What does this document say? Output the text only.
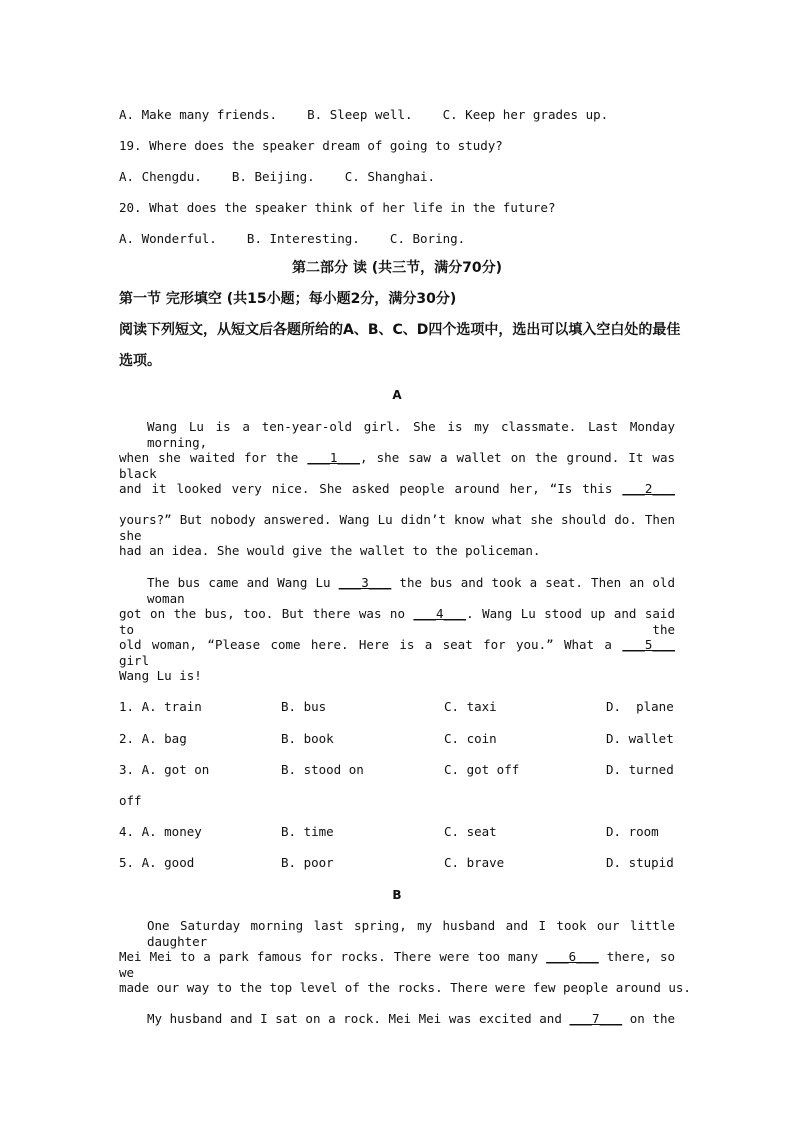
A. Make many friends.    B. Sleep well.    C. Keep her grades up.
19. Where does the speaker dream of going to study?
A. Chengdu.    B. Beijing.    C. Shanghai.
20. What does the speaker think of her life in the future?
A. Wonderful.    B. Interesting.    C. Boring.
第二部分 读 (共三节，满分70分)
第一节 完形填空 (共15小题；每小题2分，满分30分)
阅读下列短文，从短文后各题所给的A、B、C、D四个选项中，选出可以填入空白处的最佳
选项。
A
Wang Lu is a ten-year-old girl. She is my classmate. Last Monday morning,
when she waited for the ___1___, she saw a wallet on the ground. It was black
and it looked very nice. She asked people around her, “Is this ___2___
yours?” But nobody answered. Wang Lu didn’t know what she should do. Then she
had an idea. She would give the wallet to the policeman.
The bus came and Wang Lu ___3___ the bus and took a seat. Then an old woman
got on the bus, too. But there was no ___4___. Wang Lu stood up and said to the
old woman, “Please come here. Here is a seat for you.” What a ___5___ girl
Wang Lu is!
1. A. train	B. bus	C. taxi	D.  plane
2. A. bag	B. book	C. coin	D. wallet
3. A. got on	B. stood on	C. got off	D. turned
off
4. A. money	B. time	C. seat	D. room
5. A. good	B. poor	C. brave	D. stupid
B
One Saturday morning last spring, my husband and I took our little daughter
Mei Mei to a park famous for rocks. There were too many ___6___ there, so we
made our way to the top level of the rocks. There were few people around us.
My husband and I sat on a rock. Mei Mei was excited and ___7___ on the
